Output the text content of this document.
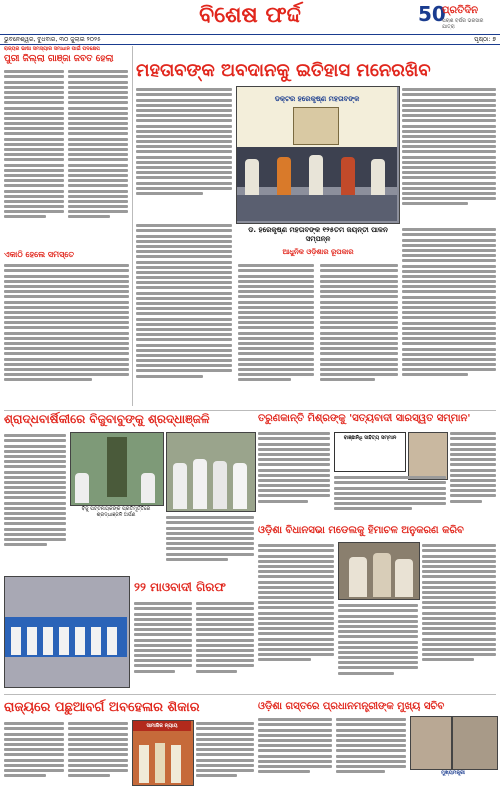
ବିଶେଷ ଫର୍ଦ୍ଦ	50
ପ୍ରତିଦିନ
ପଚାଶ ବର୍ଷର ଭରସାର ଯାତ୍ରା
ଭୁବନେଶ୍ୱର, ବୁଧବାର, ୩୦ ଜୁଲାଇ ୨୦୨୫	ପୃଷ୍ଠା: ୭
ରାଜ୍ୟର ଭାଷା ସମସ୍ୟାର ସମାଧାନ ପାଇଁ ପଦକ୍ଷେପ
ପୁରୀ ଜିଲ୍ଲା ଗାଞ୍ଜା ଜବତ ହେଲା
ମହତାବଙ୍କ ଅବଦାନକୁ ଇତିହାସ ମନେରଖିବ
ଡକ୍ଟର ହରେକୃଷ୍ଣ ମହତାବଙ୍କ
ଡ. ହରେକୃଷ୍ଣ ମହତାବଙ୍କ ୧୨୫ତମ ଜୟନ୍ତୀ ପାଳନ ସମ୍ପନ୍ନ
ଆଧୁନିକ ଓଡ଼ିଶାର ରୂପକାର
ଏକାଠି ହେଲେ ସମସ୍ତେ
ଶ୍ରାଦ୍ଧବାର୍ଷିକୀରେ ବିଜୁବାବୁଙ୍କୁ ଶ୍ରଦ୍ଧାଞ୍ଜଳି
ବିଜୁ ପଟ୍ଟନାୟକଙ୍କ ପ୍ରତିମୂର୍ତ୍ତିରେ ଶ୍ରଦ୍ଧାଞ୍ଜଳି ଅର୍ପଣ
ତରୁଣକାନ୍ତି ମିଶ୍ରଙ୍କୁ 'ସତ୍ୟବାଦୀ ସାରସ୍ୱତ ସମ୍ମାନ'
ବାଞ୍ଛାନିଧି ସାହିତ୍ୟ ସମ୍ମାନ
ଓଡ଼ିଶା ବିଧାନସଭା ମଡେଲକୁ ହିମାଚଳ ଅନୁକରଣ କରିବ
୨୨ ମାଓବାଦୀ ଗିରଫ
ରାଜ୍ୟରେ ପଛୁଆବର୍ଗ ଅବହେଳାର ଶିକାର
ସାମାଜିକ ନ୍ୟାୟ
ଓଡ଼ିଶା ଗସ୍ତରେ ପ୍ରଧାନମନ୍ତ୍ରୀଙ୍କ ମୁଖ୍ୟ ସଚିବ
ମୁଖ୍ୟମନ୍ତ୍ରୀ
